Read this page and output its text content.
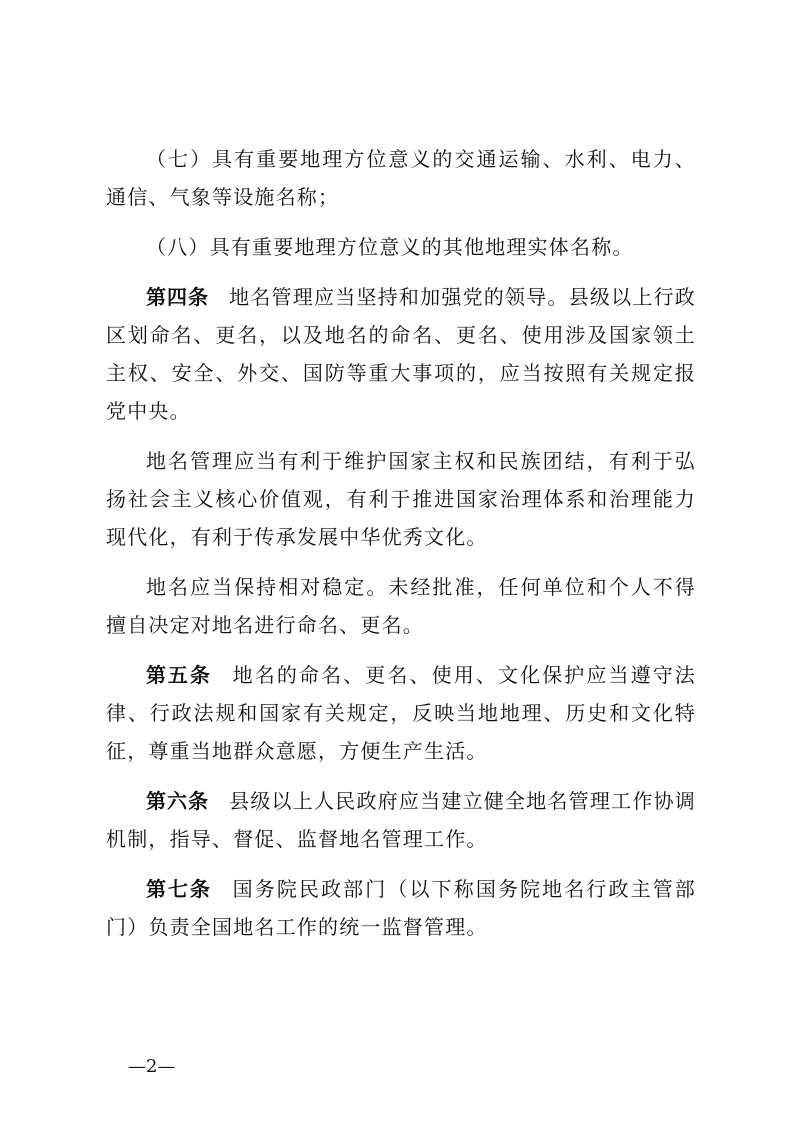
（七）具有重要地理方位意义的交通运输、水利、电力、通信、气象等设施名称；

（八）具有重要地理方位意义的其他地理实体名称。

第四条 地名管理应当坚持和加强党的领导。县级以上行政区划命名、更名，以及地名的命名、更名、使用涉及国家领土主权、安全、外交、国防等重大事项的，应当按照有关规定报党中央。

地名管理应当有利于维护国家主权和民族团结，有利于弘扬社会主义核心价值观，有利于推进国家治理体系和治理能力现代化，有利于传承发展中华优秀文化。

地名应当保持相对稳定。未经批准，任何单位和个人不得擅自决定对地名进行命名、更名。

第五条 地名的命名、更名、使用、文化保护应当遵守法律、行政法规和国家有关规定，反映当地地理、历史和文化特征，尊重当地群众意愿，方便生产生活。

第六条 县级以上人民政府应当建立健全地名管理工作协调机制，指导、督促、监督地名管理工作。

第七条 国务院民政部门（以下称国务院地名行政主管部门）负责全国地名工作的统一监督管理。

—2—
